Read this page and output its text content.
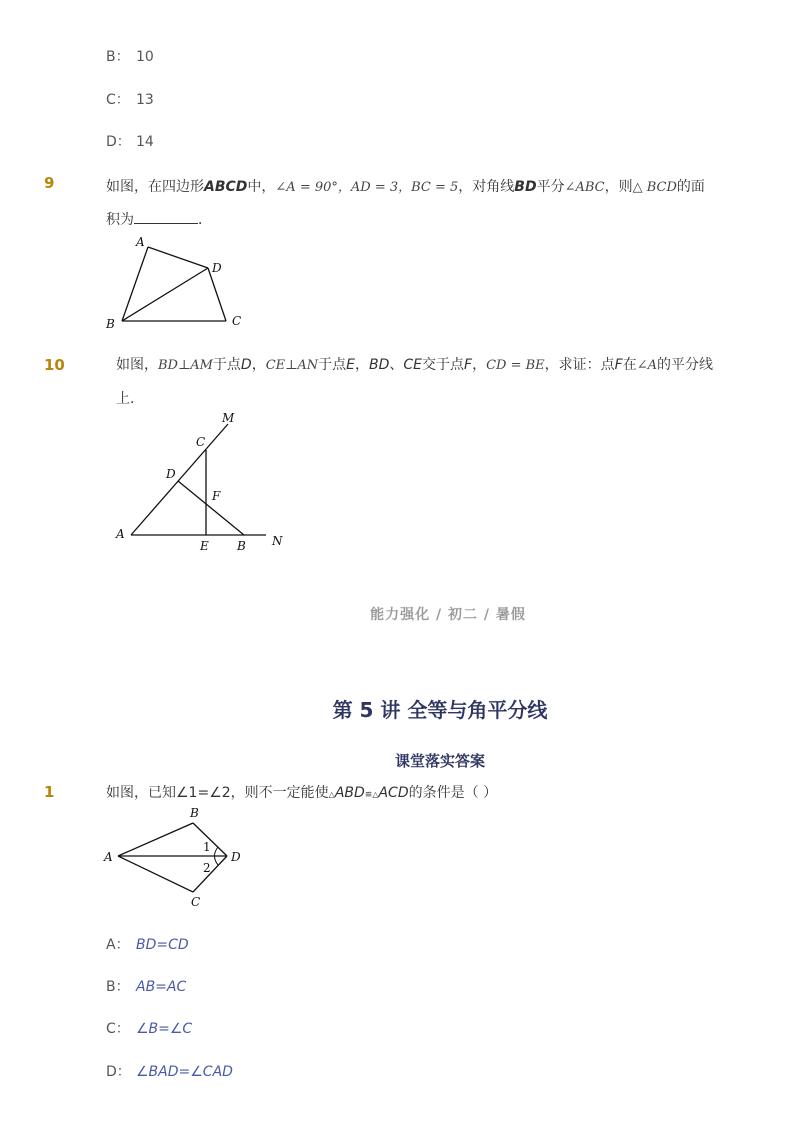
B： 10
C： 13
D： 14
9	如图，在四边形ABCD中，∠A = 90°，AD = 3，BC = 5，对角线BD平分∠ABC，则△ BCD的面
积为	．
A
D
B	C
10	如图，BD⊥AM于点D，CE⊥AN于点E，BD、CE交于点F，CD = BE，求证：点F在∠A的平分线
上．
M
C
D
F
A
E B N
能力强化 / 初二 / 暑假
第 5 讲 全等与角平分线
课堂落实答案
1	如图，已知∠1=∠2，则不一定能使△ABD≌△ACD的条件是（ ）
B
A	D
C
1
2
A： BD=CD
B： AB=AC
C： ∠B=∠C
D： ∠BAD=∠CAD
